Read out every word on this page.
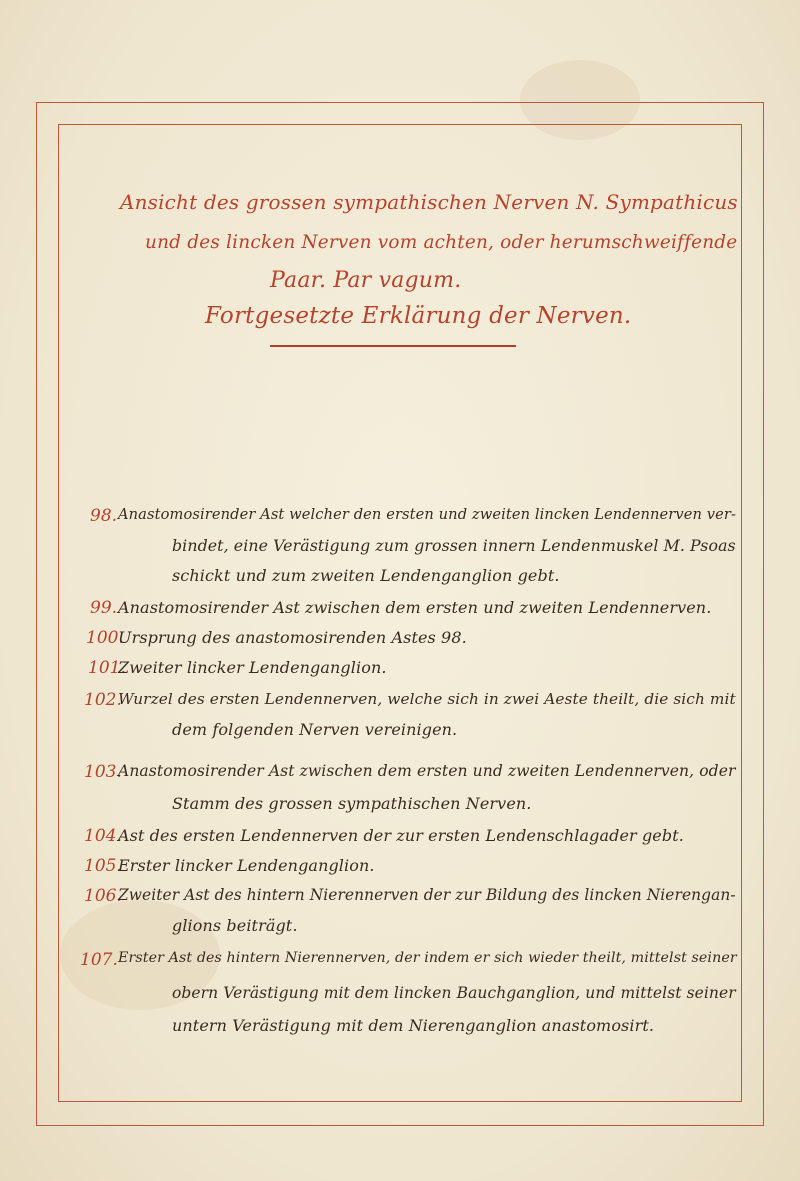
Ansicht des grossen sympathischen Nerven N. Sympathicus
und des lincken Nerven vom achten, oder herumschweiffende
Paar. Par vagum.
Fortgesetzte Erklärung der Nerven.
98. Anastomosirender Ast welcher den ersten und zweiten lincken Lendennerven ver-
bindet, eine Verästigung zum grossen innern Lendenmuskel M. Psoas
schickt und zum zweiten Lendenganglion gebt.
99. Anastomosirender Ast zwischen dem ersten und zweiten Lendennerven.
100.
Ursprung des anastomosirenden Astes 98.
101.
Zweiter lincker Lendenganglion.
102.
Wurzel des ersten Lendennerven, welche sich in zwei Aeste theilt, die sich mit
dem folgenden Nerven vereinigen.
103.
Anastomosirender Ast zwischen dem ersten und zweiten Lendennerven, oder
Stamm des grossen sympathischen Nerven.
104.
Ast des ersten Lendennerven der zur ersten Lendenschlagader gebt.
105.
Erster lincker Lendenganglion.
106.
Zweiter Ast des hintern Nierennerven der zur Bildung des lincken Nierengan-
glions beiträgt.
107. Erster Ast des hintern Nierennerven, der indem er sich wieder theilt, mittelst seiner
obern Verästigung mit dem lincken Bauchganglion, und mittelst seiner
untern Verästigung mit dem Nierenganglion anastomosirt.
